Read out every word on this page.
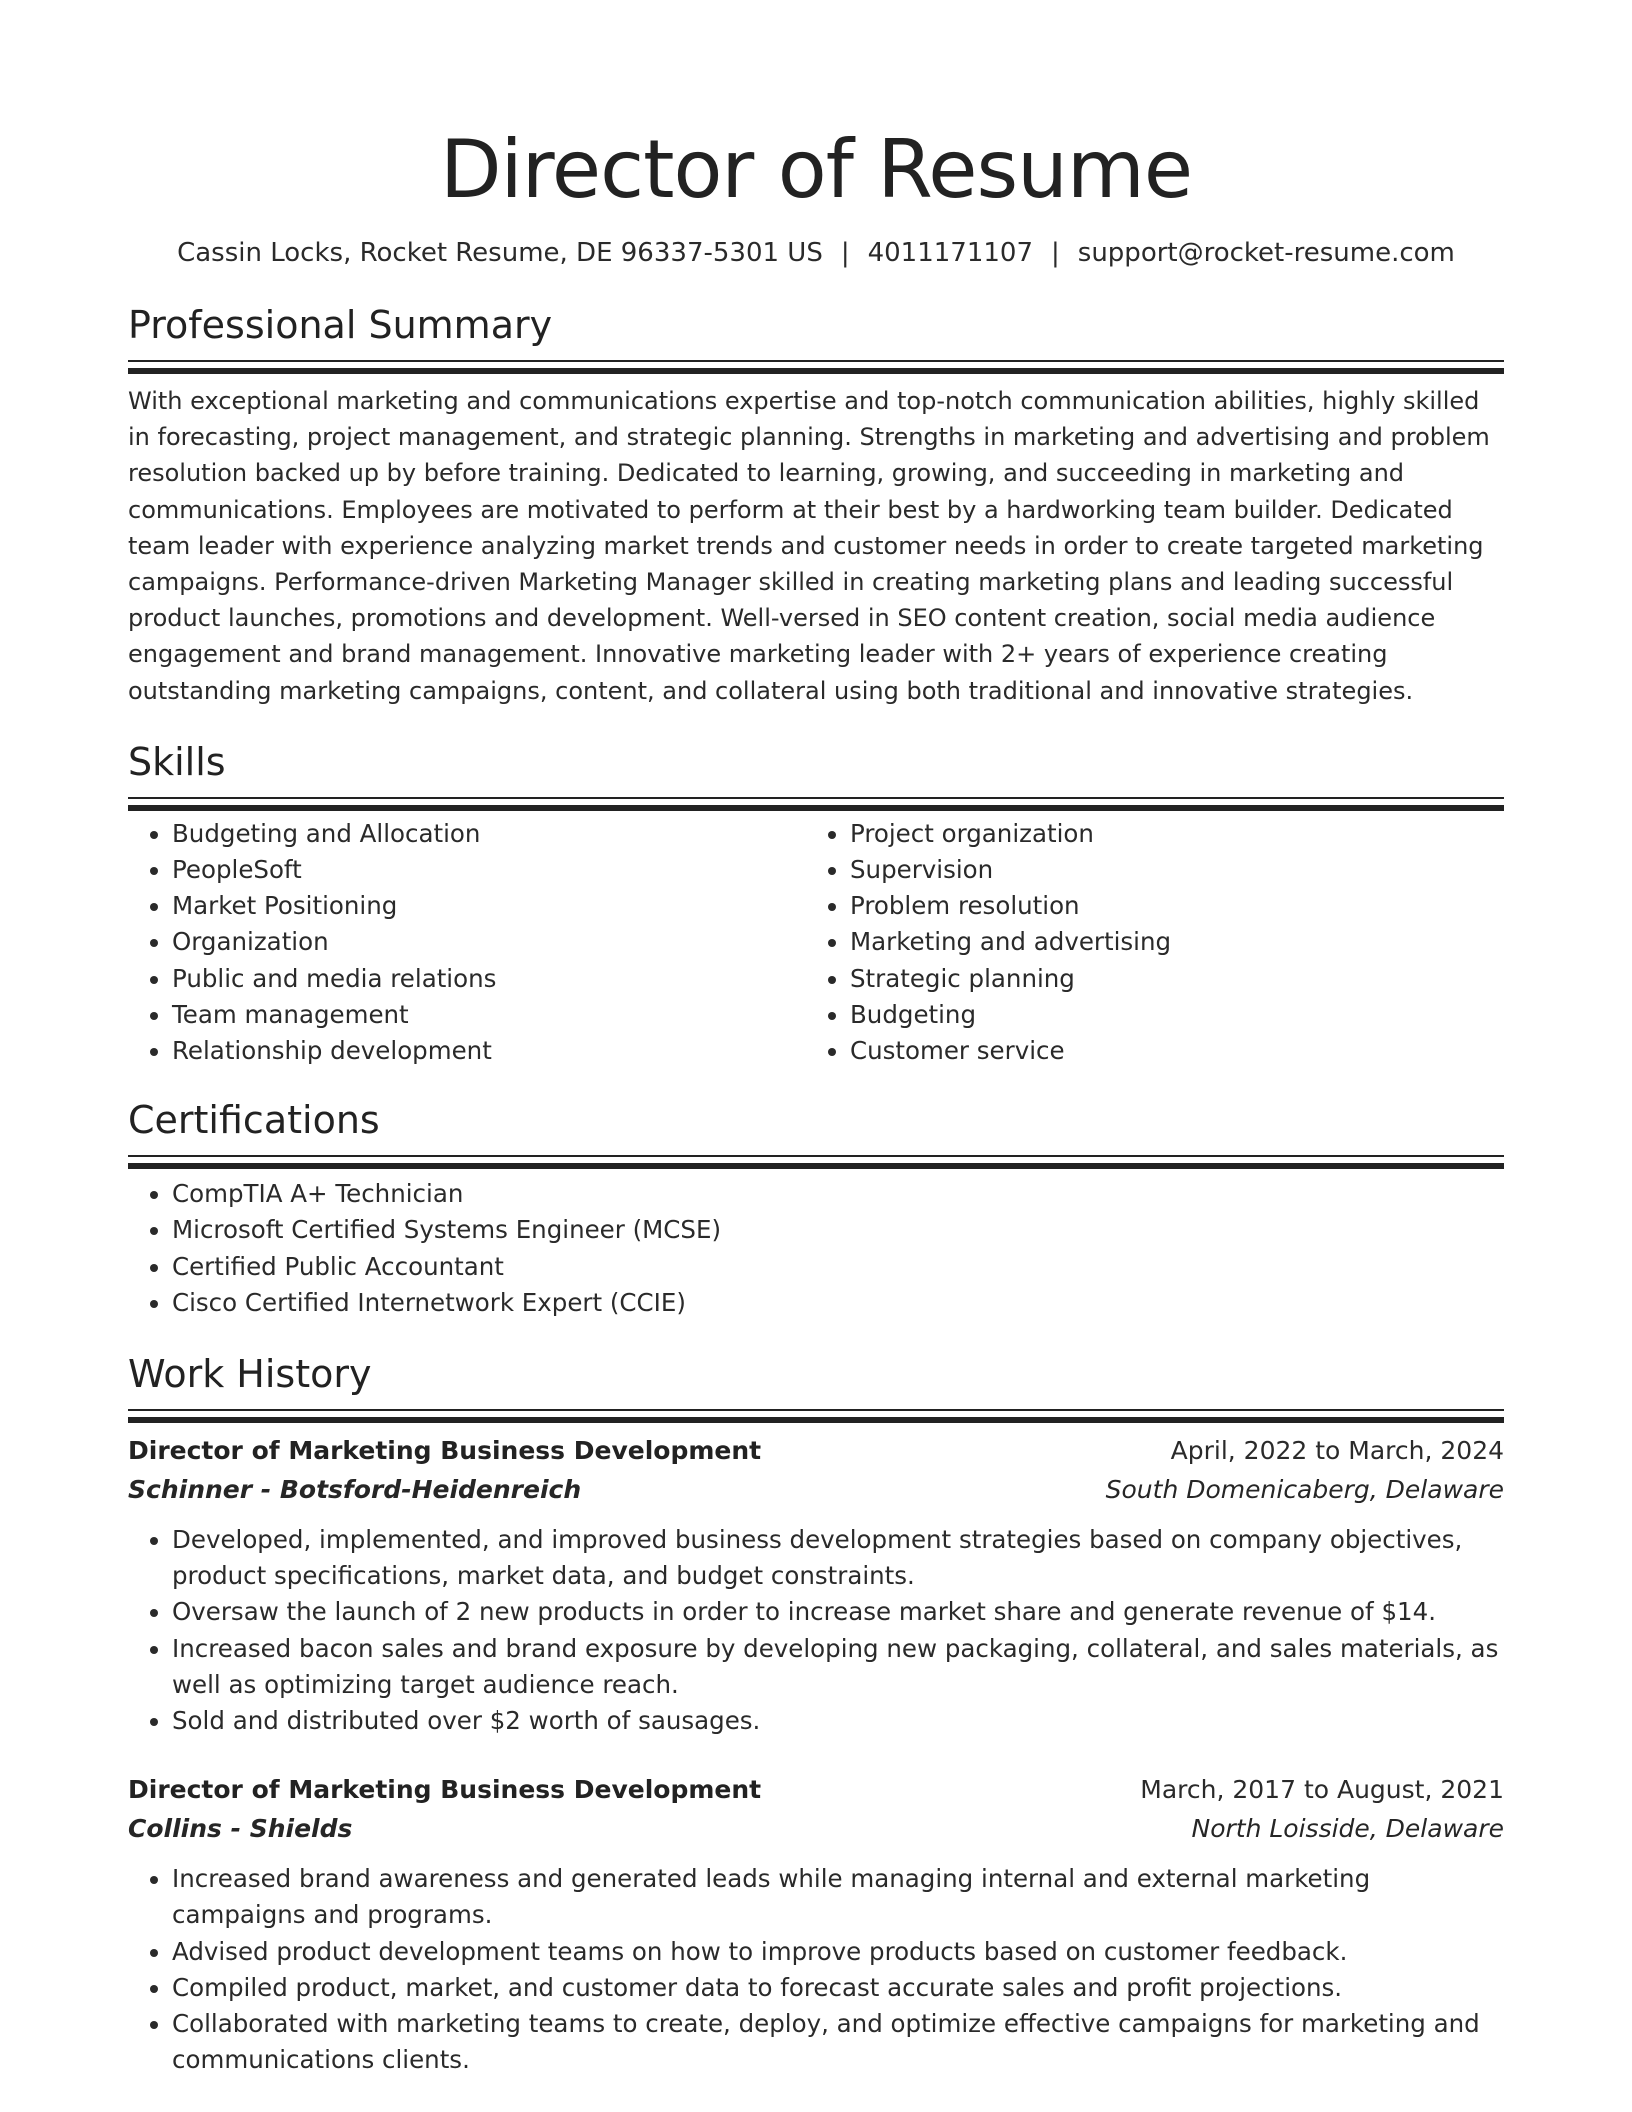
Director of Resume
Cassin Locks, Rocket Resume, DE 96337-5301 US | 4011171107 | support@rocket-resume.com
Professional Summary
With exceptional marketing and communications expertise and top-notch communication abilities, highly skilled in forecasting, project management, and strategic planning. Strengths in marketing and advertising and problem resolution backed up by before training. Dedicated to learning, growing, and succeeding in marketing and communications. Employees are motivated to perform at their best by a hardworking team builder. Dedicated team leader with experience analyzing market trends and customer needs in order to create targeted marketing campaigns. Performance-driven Marketing Manager skilled in creating marketing plans and leading successful product launches, promotions and development. Well-versed in SEO content creation, social media audience engagement and brand management. Innovative marketing leader with 2+ years of experience creating outstanding marketing campaigns, content, and collateral using both traditional and innovative strategies.
Skills
• Budgeting and Allocation
• PeopleSoft
• Market Positioning
• Organization
• Public and media relations
• Team management
• Relationship development
• Project organization
• Supervision
• Problem resolution
• Marketing and advertising
• Strategic planning
• Budgeting
• Customer service
Certifications
• CompTIA A+ Technician
• Microsoft Certified Systems Engineer (MCSE)
• Certified Public Accountant
• Cisco Certified Internetwork Expert (CCIE)
Work History
Director of Marketing Business Development	April, 2022 to March, 2024
Schinner - Botsford-Heidenreich	South Domenicaberg, Delaware
• Developed, implemented, and improved business development strategies based on company objectives, product specifications, market data, and budget constraints.
• Oversaw the launch of 2 new products in order to increase market share and generate revenue of $14.
• Increased bacon sales and brand exposure by developing new packaging, collateral, and sales materials, as well as optimizing target audience reach.
• Sold and distributed over $2 worth of sausages.
Director of Marketing Business Development	March, 2017 to August, 2021
Collins - Shields	North Loisside, Delaware
• Increased brand awareness and generated leads while managing internal and external marketing campaigns and programs.
• Advised product development teams on how to improve products based on customer feedback.
• Compiled product, market, and customer data to forecast accurate sales and profit projections.
• Collaborated with marketing teams to create, deploy, and optimize effective campaigns for marketing and communications clients.
